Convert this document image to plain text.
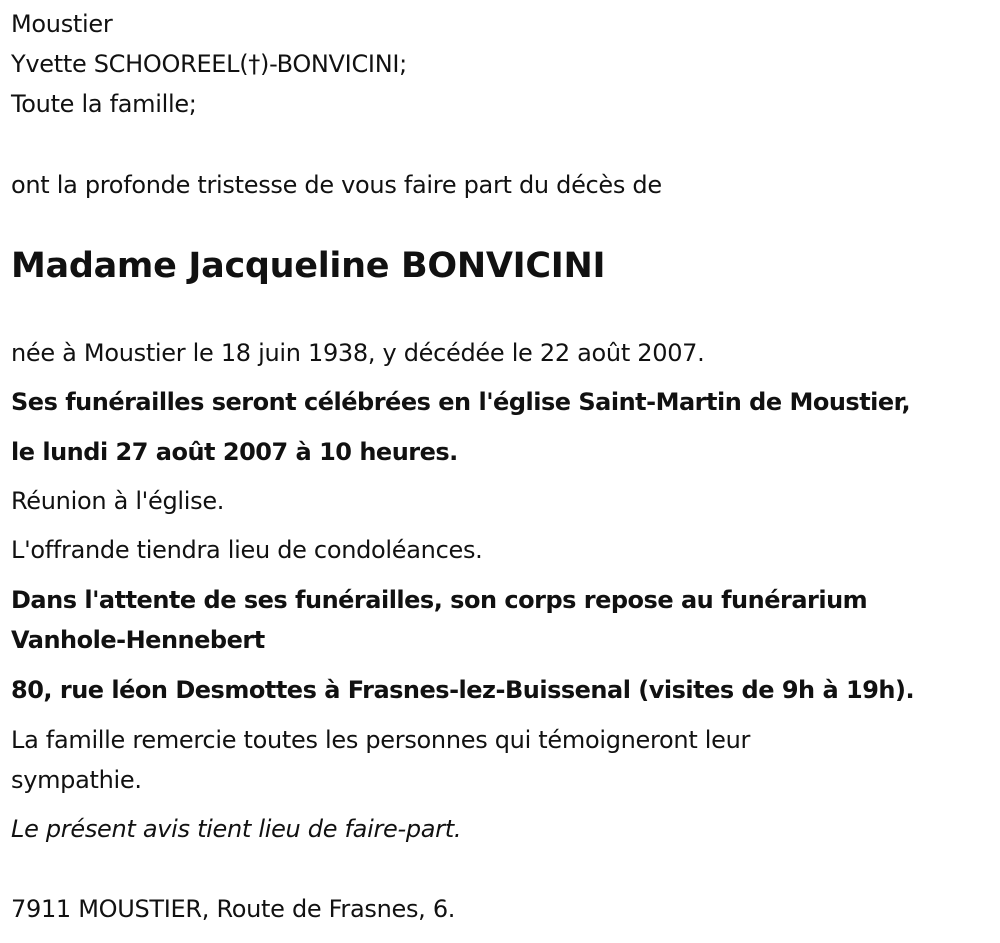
Moustier
Yvette SCHOOREEL(†)-BONVICINI;
Toute la famille;
ont la profonde tristesse de vous faire part du décès de
Madame Jacqueline BONVICINI
née à Moustier le 18 juin 1938, y décédée le 22 août 2007.
Ses funérailles seront célébrées en l'église Saint-Martin de Moustier,
le lundi 27 août 2007 à 10 heures.
Réunion à l'église.
L'offrande tiendra lieu de condoléances.
Dans l'attente de ses funérailles, son corps repose au funérarium
Vanhole-Hennebert
80, rue léon Desmottes à Frasnes-lez-Buissenal (visites de 9h à 19h).
La famille remercie toutes les personnes qui témoigneront leur
sympathie.
Le présent avis tient lieu de faire-part.
7911 MOUSTIER, Route de Frasnes, 6.
